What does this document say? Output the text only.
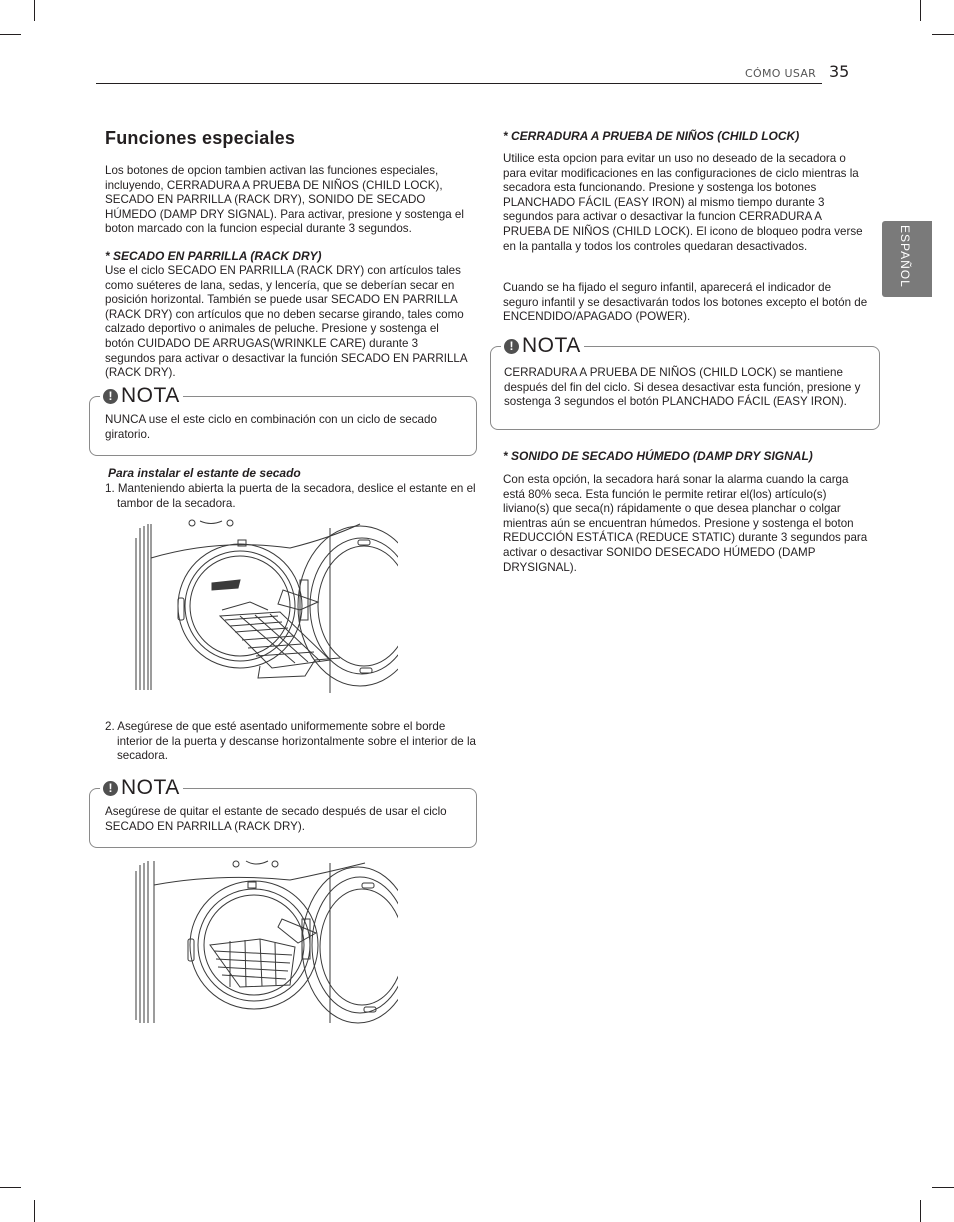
CÓMO USAR 35
ESPAÑOL
Funciones especiales

Los botones de opcion tambien activan las funciones especiales, incluyendo, CERRADURA A PRUEBA DE NIÑOS (CHILD LOCK), SECADO EN PARRILLA (RACK DRY), SONIDO DE SECADO HÚMEDO (DAMP DRY SIGNAL). Para activar, presione y sostenga el boton marcado con la funcion especial durante 3 segundos.

* SECADO EN PARRILLA (RACK DRY)

Use el ciclo SECADO EN PARRILLA (RACK DRY) con artículos tales como suéteres de lana, sedas, y lencería, que se deberían secar en posición horizontal. También se puede usar SECADO EN PARRILLA (RACK DRY) con artículos que no deben secarse girando, tales como calzado deportivo o animales de peluche. Presione y sostenga el botón CUIDADO DE ARRUGAS(WRINKLE CARE) durante 3 segundos para activar o desactivar la función SECADO EN PARRILLA (RACK DRY).

! NOTA
NUNCA use el este ciclo en combinación con un ciclo de secado giratorio.
Para instalar el estante de secado
1. Manteniendo abierta la puerta de la secadora, deslice el estante en el tambor de la secadora.
2. Asegúrese de que esté asentado uniformemente sobre el borde interior de la puerta y descanse horizontalmente sobre el interior de la secadora.
! NOTA
Asegúrese de quitar el estante de secado después de usar el ciclo SECADO EN PARRILLA (RACK DRY).
* CERRADURA A PRUEBA DE NIÑOS (CHILD LOCK)

Utilice esta opcion para evitar un uso no deseado de la secadora o para evitar modificaciones en las configuraciones de ciclo mientras la secadora esta funcionando. Presione y sostenga los botones PLANCHADO FÁCIL (EASY IRON) al mismo tiempo durante 3 segundos para activar o desactivar la funcion CERRADURA A PRUEBA DE NIÑOS (CHILD LOCK). El icono de bloqueo podra verse en la pantalla y todos los controles quedaran desactivados.

Cuando se ha fijado el seguro infantil, aparecerá el indicador de seguro infantil y se desactivarán todos los botones excepto el botón de ENCENDIDO/APAGADO (POWER).

! NOTA
CERRADURA A PRUEBA DE NIÑOS (CHILD LOCK) se mantiene después del fin del ciclo. Si desea desactivar esta función, presione y sostenga 3 segundos el botón PLANCHADO FÁCIL (EASY IRON).
* SONIDO DE SECADO HÚMEDO (DAMP DRY SIGNAL)

Con esta opción, la secadora hará sonar la alarma cuando la carga está 80% seca. Esta función le permite retirar el(los) artículo(s) liviano(s) que seca(n) rápidamente o que desea planchar o colgar mientras aún se encuentran húmedos. Presione y sostenga el boton REDUCCIÓN ESTÁTICA (REDUCE STATIC) durante 3 segundos para activar o desactivar SONIDO DESECADO HÚMEDO (DAMP DRYSIGNAL).
